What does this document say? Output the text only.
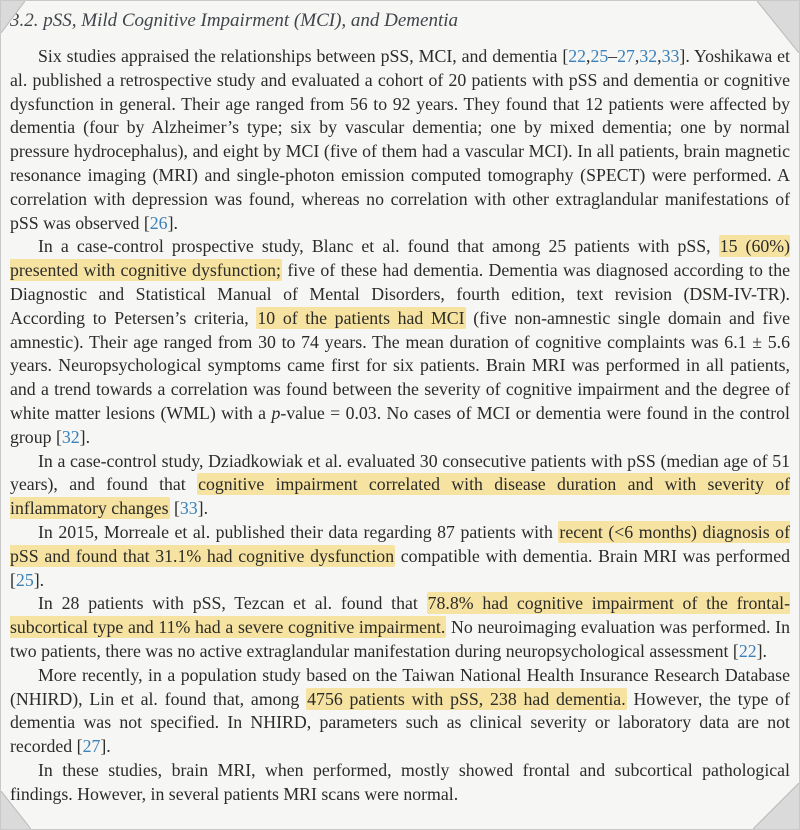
3.2. pSS, Mild Cognitive Impairment (MCI), and Dementia

Six studies appraised the relationships between pSS, MCI, and dementia [22,25–27,32,33]. Yoshikawa et al. published a retrospective study and evaluated a cohort of 20 patients with pSS and dementia or cognitive dysfunction in general. Their age ranged from 56 to 92 years. They found that 12 patients were affected by dementia (four by Alzheimer’s type; six by vascular dementia; one by mixed dementia; one by normal pressure hydrocephalus), and eight by MCI (five of them had a vascular MCI). In all patients, brain magnetic resonance imaging (MRI) and single-photon emission computed tomography (SPECT) were performed. A correlation with depression was found, whereas no correlation with other extraglandular manifestations of pSS was observed [26].

In a case-control prospective study, Blanc et al. found that among 25 patients with pSS, 15 (60%) presented with cognitive dysfunction; five of these had dementia. Dementia was diagnosed according to the Diagnostic and Statistical Manual of Mental Disorders, fourth edition, text revision (DSM-IV-TR). According to Petersen’s criteria, 10 of the patients had MCI (five non-amnestic single domain and five amnestic). Their age ranged from 30 to 74 years. The mean duration of cognitive complaints was 6.1 ± 5.6 years. Neuropsychological symptoms came first for six patients. Brain MRI was performed in all patients, and a trend towards a correlation was found between the severity of cognitive impairment and the degree of white matter lesions (WML) with a p-value = 0.03. No cases of MCI or dementia were found in the control group [32].

In a case-control study, Dziadkowiak et al. evaluated 30 consecutive patients with pSS (median age of 51 years), and found that cognitive impairment correlated with disease duration and with severity of inflammatory changes [33].

In 2015, Morreale et al. published their data regarding 87 patients with recent (<6 months) diagnosis of pSS and found that 31.1% had cognitive dysfunction compatible with dementia. Brain MRI was performed [25].

In 28 patients with pSS, Tezcan et al. found that 78.8% had cognitive impairment of the frontal- subcortical type and 11% had a severe cognitive impairment. No neuroimaging evaluation was performed. In two patients, there was no active extraglandular manifestation during neuropsychological assessment [22].

More recently, in a population study based on the Taiwan National Health Insurance Research Database (NHIRD), Lin et al. found that, among 4756 patients with pSS, 238 had dementia. However, the type of dementia was not specified. In NHIRD, parameters such as clinical severity or laboratory data are not recorded [27].

In these studies, brain MRI, when performed, mostly showed frontal and subcortical pathological findings. However, in several patients MRI scans were normal.
